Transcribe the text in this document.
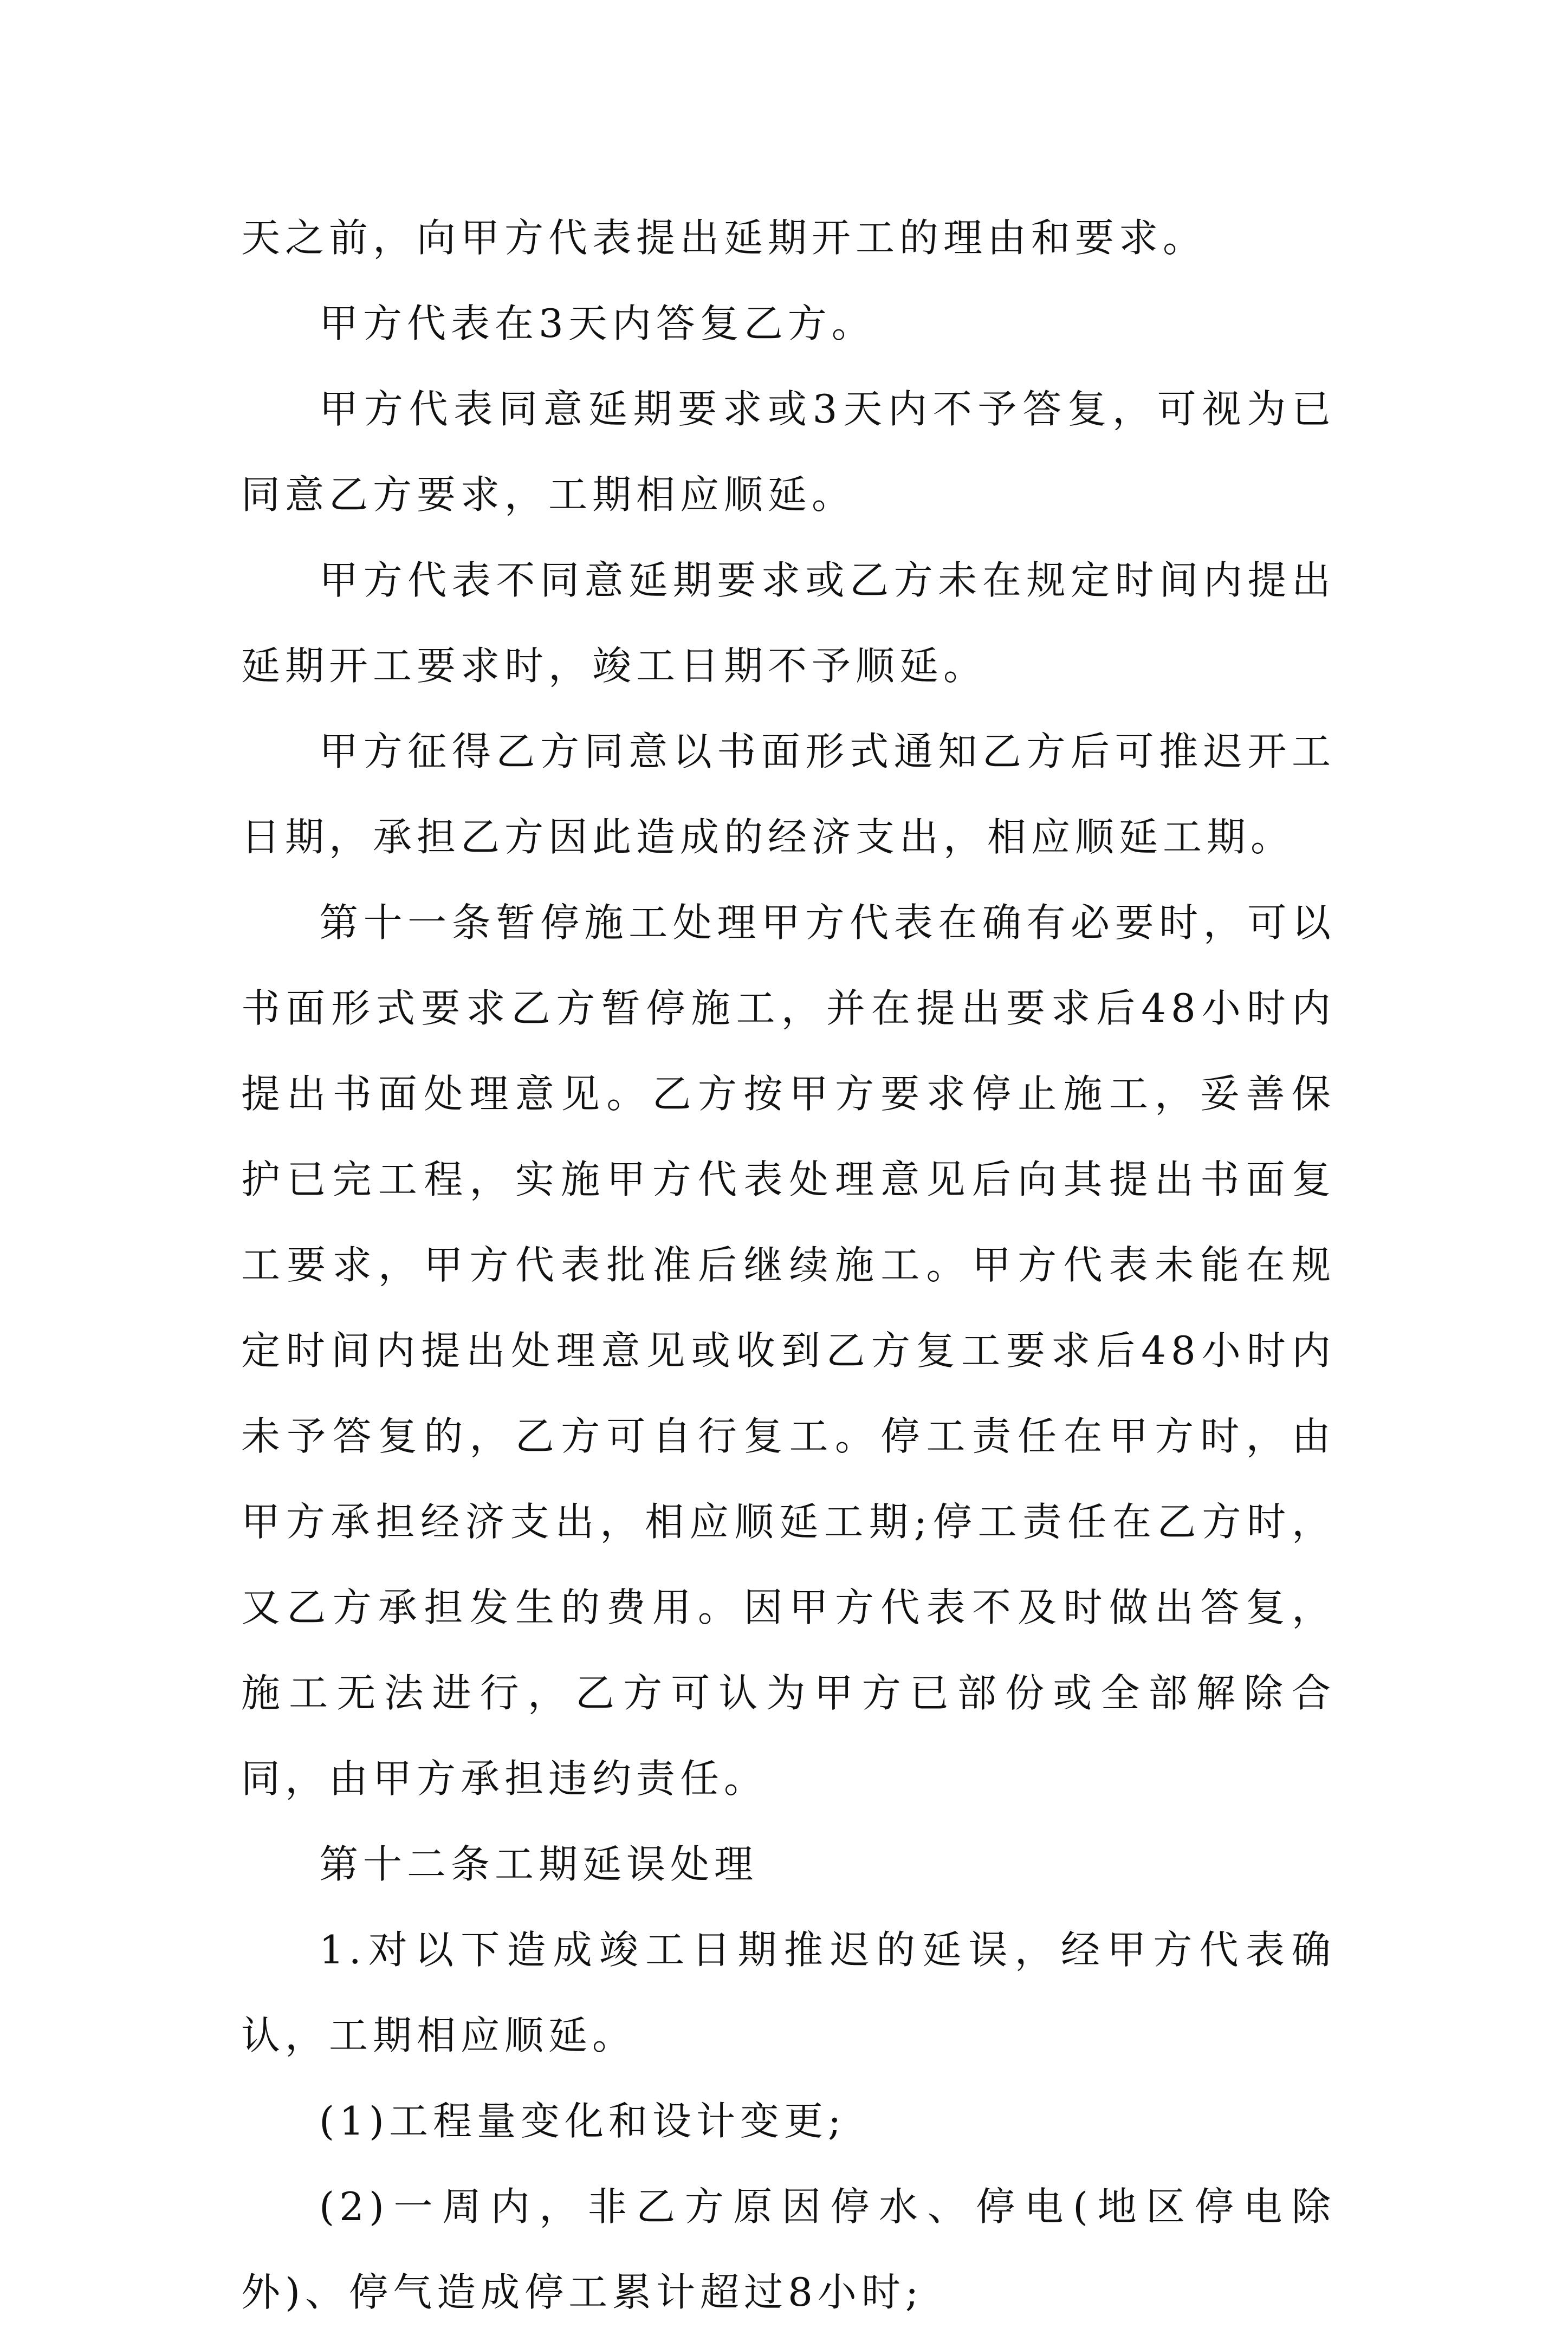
天之前，向甲方代表提出延期开工的理由和要求。

甲方代表在3天内答复乙方。

甲方代表同意延期要求或3天内不予答复，可视为已同意乙方要求，工期相应顺延。

甲方代表不同意延期要求或乙方未在规定时间内提出延期开工要求时，竣工日期不予顺延。

甲方征得乙方同意以书面形式通知乙方后可推迟开工日期，承担乙方因此造成的经济支出，相应顺延工期。

第十一条暂停施工处理甲方代表在确有必要时，可以书面形式要求乙方暂停施工，并在提出要求后48小时内提出书面处理意见。乙方按甲方要求停止施工，妥善保护已完工程，实施甲方代表处理意见后向其提出书面复工要求，甲方代表批准后继续施工。甲方代表未能在规定时间内提出处理意见或收到乙方复工要求后48小时内未予答复的，乙方可自行复工。停工责任在甲方时，由甲方承担经济支出，相应顺延工期;停工责任在乙方时，又乙方承担发生的费用。因甲方代表不及时做出答复，施工无法进行，乙方可认为甲方已部份或全部解除合同，由甲方承担违约责任。

第十二条工期延误处理

1.对以下造成竣工日期推迟的延误，经甲方代表确认，工期相应顺延。

(1)工程量变化和设计变更;

(2)一周内，非乙方原因停水、停电(地区停电除外)、停气造成停工累计超过8小时;
